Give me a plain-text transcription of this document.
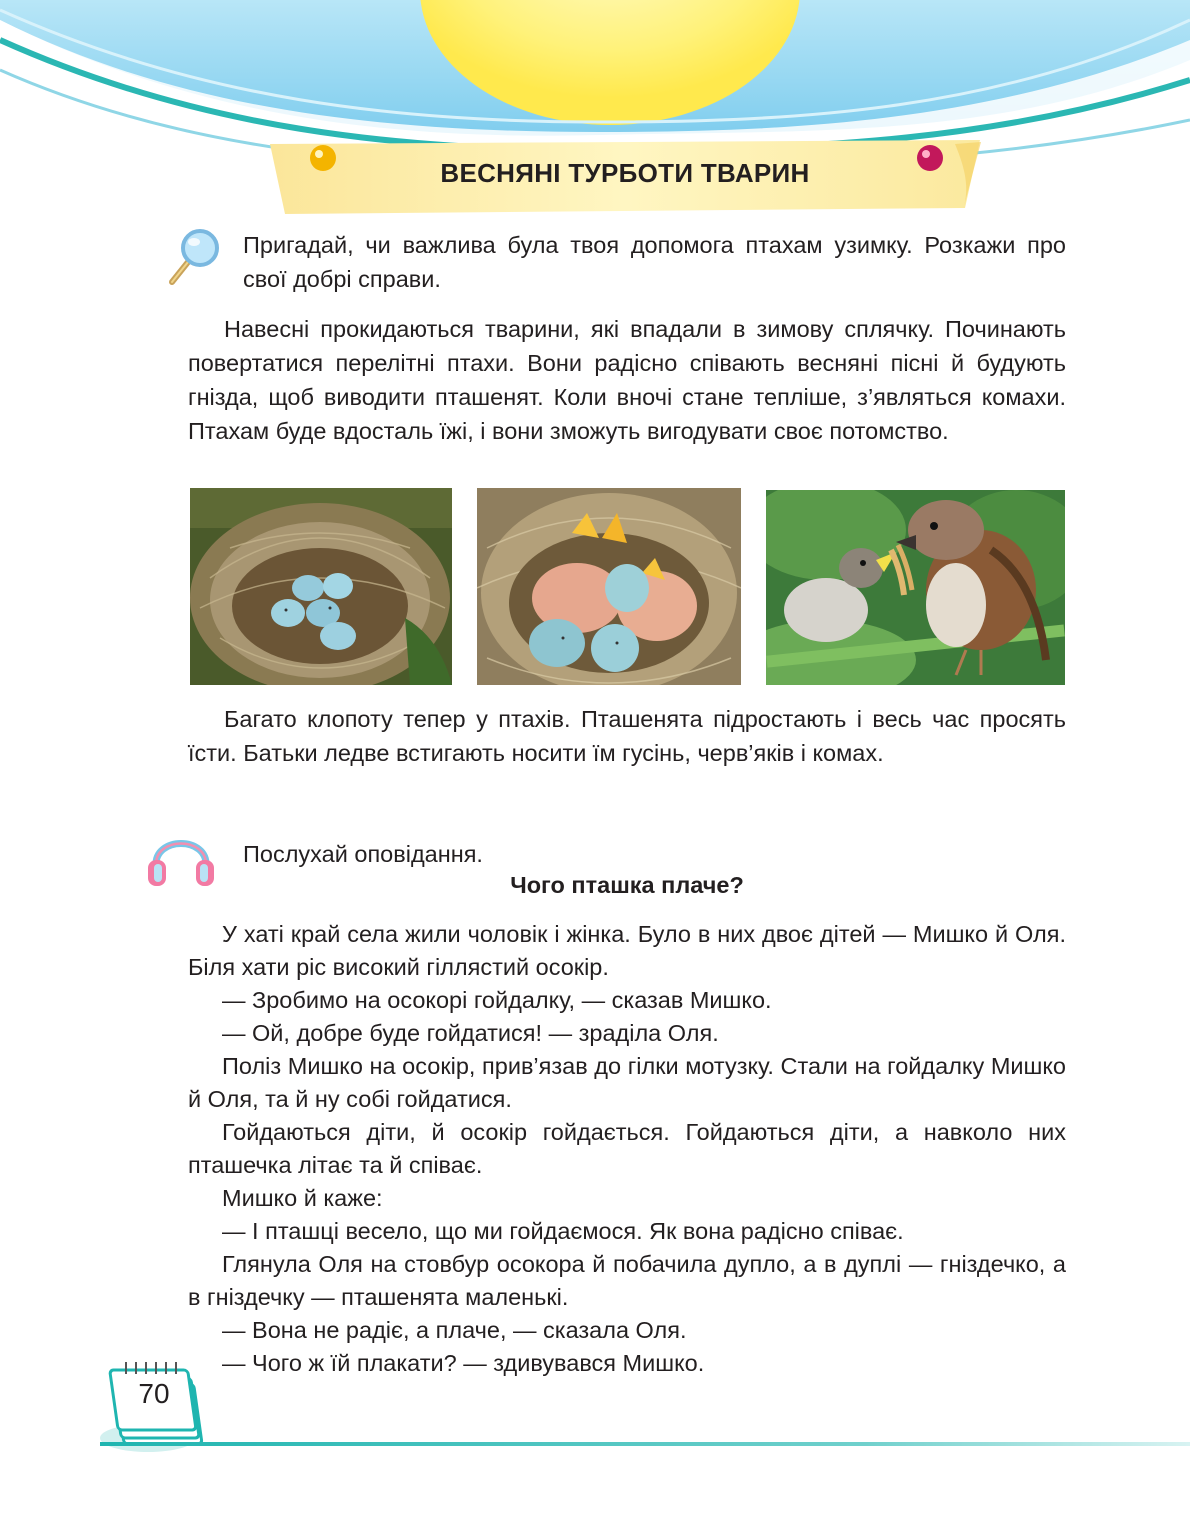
ВЕСНЯНІ ТУРБОТИ ТВАРИН

Пригадай, чи важлива була твоя допомога птахам узимку. Розкажи про свої добрі справи.

Навесні прокидаються тварини, які впадали в зимову сплячку. Починають повертатися перелітні птахи. Вони радісно співають весняні пісні й будують гнізда, щоб виводити пташенят. Коли вночі стане тепліше, з’являться комахи. Птахам буде вдосталь їжі, і вони зможуть вигодувати своє потомство.

Багато клопоту тепер у птахів. Пташенята підростають і весь час просять їсти. Батьки ледве встигають носити їм гусінь, черв’яків і комах.

Послухай оповідання.

Чого пташка плаче?

У хаті край села жили чоловік і жінка. Було в них двоє дітей — Мишко й Оля. Біля хати ріс високий гіллястий осокір.

— Зробимо на осокорі гойдалку, — сказав Мишко.

— Ой, добре буде гойдатися! — зраділа Оля.

Поліз Мишко на осокір, прив’язав до гілки мотузку. Стали на гойдалку Мишко й Оля, та й ну собі гойдатися.

Гойдаються діти, й осокір гойдається. Гойдаються діти, а навколо них пташечка літає та й співає.

Мишко й каже:

— І пташці весело, що ми гойдаємося. Як вона радісно співає.

Глянула Оля на стовбур осокора й побачила дупло, а в дуплі — гніздечко, а в гніздечку — пташенята маленькі.

— Вона не радіє, а плаче, — сказала Оля.

— Чого ж їй плакати? — здивувався Мишко.

70
